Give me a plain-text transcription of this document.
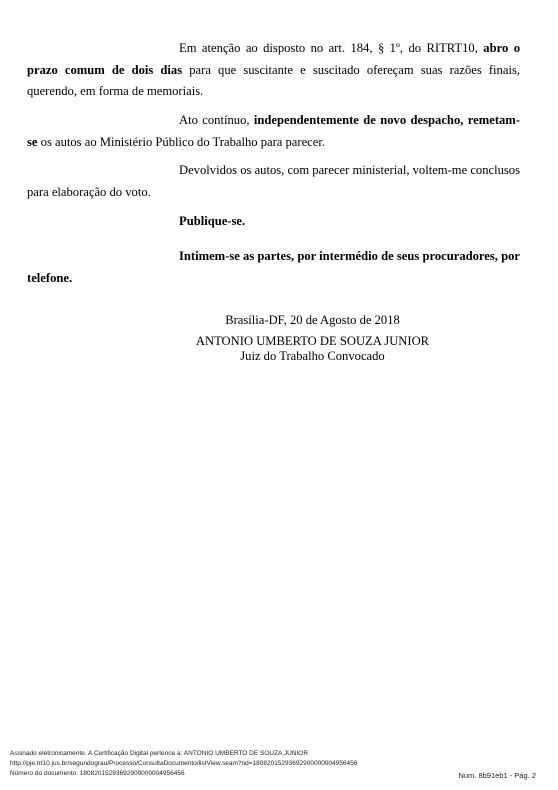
Em atenção ao disposto no art. 184, § 1º, do RITRT10, abro o prazo comum de dois dias para que suscitante e suscitado ofereçam suas razões finais, querendo, em forma de memoriais.

Ato contínuo, independentemente de novo despacho, remetam-se os autos ao Ministério Público do Trabalho para parecer.

Devolvidos os autos, com parecer ministerial, voltem-me conclusos para elaboração do voto.

Publique-se.

Intimem-se as partes, por intermédio de seus procuradores, por telefone.

Brasília-DF, 20 de Agosto de 2018

ANTONIO UMBERTO DE SOUZA JUNIOR

Juiz do Trabalho Convocado

Assinado eletronicamente. A Certificação Digital pertence a: ANTONIO UMBERTO DE SOUZA JUNIOR
http://pje.trt10.jus.br/segundograu/Processo/ConsultaDocumento/listView.seam?nd=18082015293692900000004956456
Número do documento: 18082015293692900000004956456	Num. 8b91eb1 - Pág. 2
